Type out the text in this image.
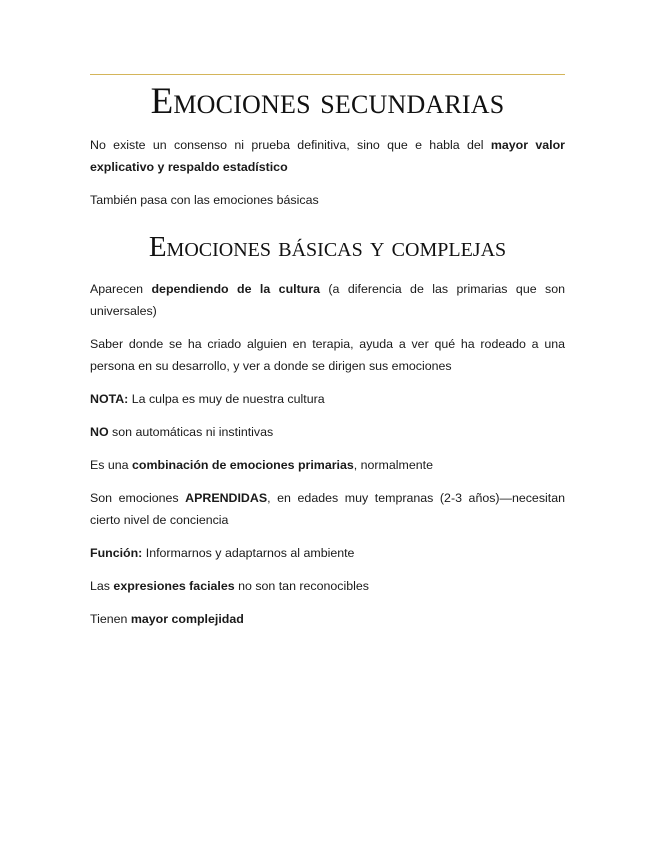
Emociones secundarias

No existe un consenso ni prueba definitiva, sino que e habla del mayor valor explicativo y respaldo estadístico

También pasa con las emociones básicas

Emociones básicas y complejas

Aparecen dependiendo de la cultura (a diferencia de las primarias que son universales)

Saber donde se ha criado alguien en terapia, ayuda a ver qué ha rodeado a una persona en su desarrollo, y ver a donde se dirigen sus emociones

NOTA: La culpa es muy de nuestra cultura

NO son automáticas ni instintivas

Es una combinación de emociones primarias, normalmente

Son emociones APRENDIDAS, en edades muy tempranas (2-3 años)—necesitan cierto nivel de conciencia

Función: Informarnos y adaptarnos al ambiente

Las expresiones faciales no son tan reconocibles

Tienen mayor complejidad
